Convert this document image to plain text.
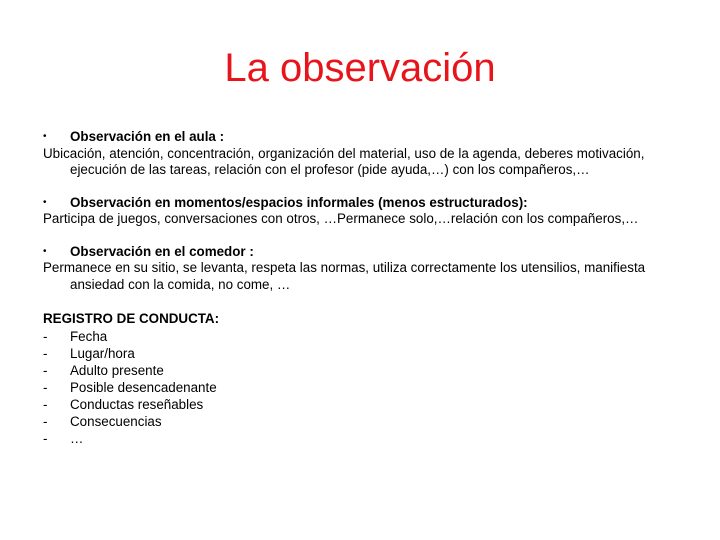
La observación
•	Observación en el aula :

Ubicación, atención, concentración, organización del material, uso de la agenda, deberes motivación, ejecución de las tareas, relación con el profesor (pide ayuda,…) con los compañeros,…

•	Observación en momentos/espacios informales (menos estructurados):

Participa de juegos, conversaciones con otros, …Permanece solo,…relación con los compañeros,…

•	Observación en el comedor :

Permanece en su sitio, se levanta, respeta las normas, utiliza correctamente los utensilios, manifiesta ansiedad con la comida, no come, …

REGISTRO DE CONDUCTA:

-	Fecha
-	Lugar/hora
-	Adulto presente
-	Posible desencadenante
-	Conductas reseñables
-	Consecuencias
-	…
